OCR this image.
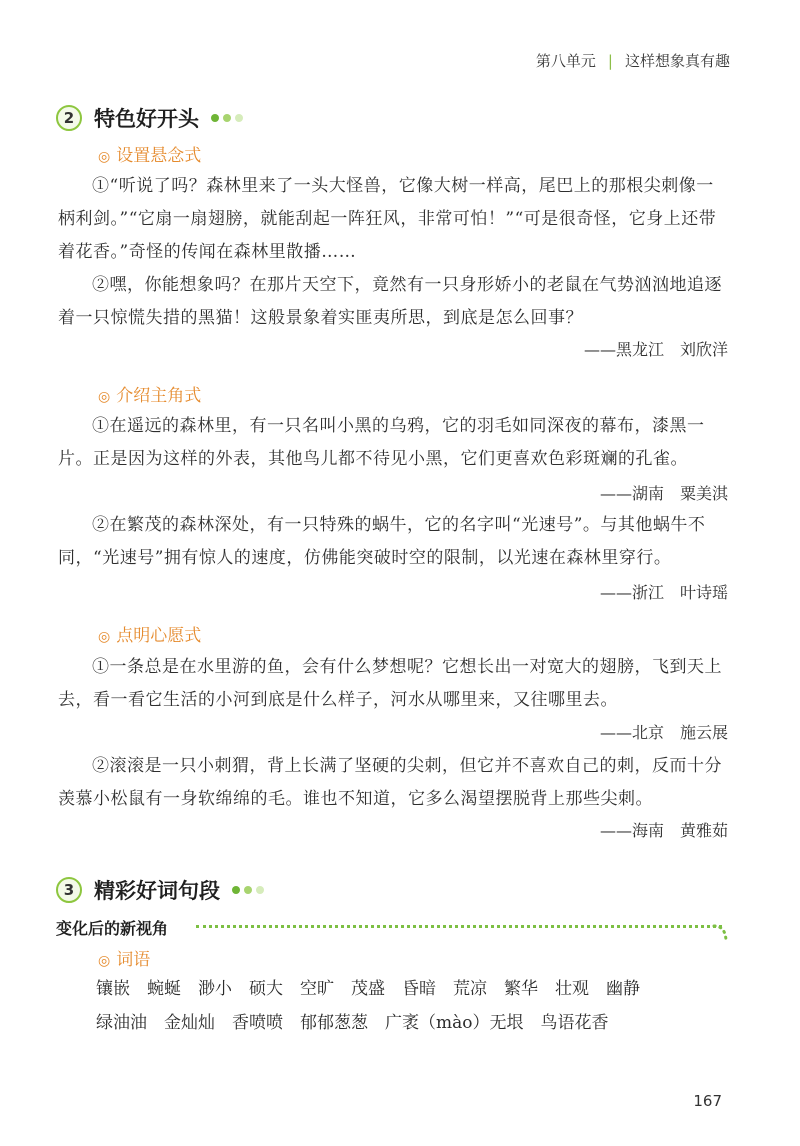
第八单元 | 这样想象真有趣
2 特色好开头
◎ 设置悬念式
①“听说了吗？森林里来了一头大怪兽，它像大树一样高，尾巴上的那根尖刺像一柄利剑。”“它扇一扇翅膀，就能刮起一阵狂风，非常可怕！”“可是很奇怪，它身上还带着花香。”奇怪的传闻在森林里散播……
②嘿，你能想象吗？在那片天空下，竟然有一只身形娇小的老鼠在气势汹汹地追逐着一只惊慌失措的黑猫！这般景象着实匪夷所思，到底是怎么回事？
——黑龙江　刘欣洋
◎ 介绍主角式
①在遥远的森林里，有一只名叫小黑的乌鸦，它的羽毛如同深夜的幕布，漆黑一片。正是因为这样的外表，其他鸟儿都不待见小黑，它们更喜欢色彩斑斓的孔雀。
——湖南　粟美淇
②在繁茂的森林深处，有一只特殊的蜗牛，它的名字叫“光速号”。与其他蜗牛不同，“光速号”拥有惊人的速度，仿佛能突破时空的限制，以光速在森林里穿行。
——浙江　叶诗瑶
◎ 点明心愿式
①一条总是在水里游的鱼，会有什么梦想呢？它想长出一对宽大的翅膀，飞到天上去，看一看它生活的小河到底是什么样子，河水从哪里来，又往哪里去。
——北京　施云展
②滚滚是一只小刺猬，背上长满了坚硬的尖刺，但它并不喜欢自己的刺，反而十分羡慕小松鼠有一身软绵绵的毛。谁也不知道，它多么渴望摆脱背上那些尖刺。
——海南　黄雅茹
3 精彩好词句段
变化后的新视角
◎ 词语
镶嵌　蜿蜒　渺小　硕大　空旷　茂盛　昏暗　荒凉　繁华　壮观　幽静
绿油油　金灿灿　香喷喷　郁郁葱葱　广袤（mào）无垠　鸟语花香
167
